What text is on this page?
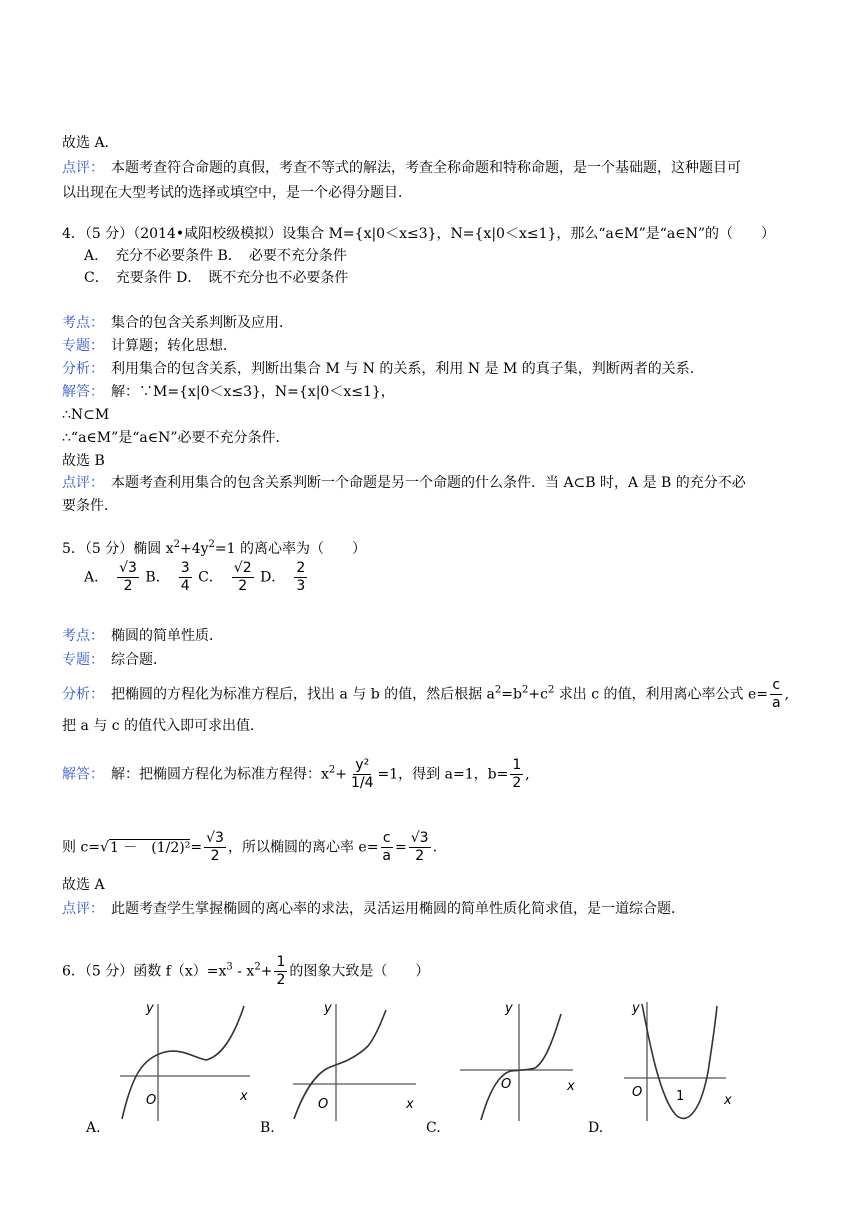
故选 A．
点评：　 本题考查符合命题的真假，考查不等式的解法，考查全称命题和特称命题，是一个基础题，这种题目可
以出现在大型考试的选择或填空中，是一个必得分题目．
4．（5 分）（2014•咸阳校级模拟）设集合 M={x|0＜x≤3}，N={x|0＜x≤1}，那么“a∈M”是“a∈N”的（　　）
A．　充分不必要条件 B．　必要不充分条件
C．　充要条件 D．　既不充分也不必要条件
考点：　 集合的包含关系判断及应用．
专题：　 计算题；转化思想．
分析：　 利用集合的包含关系，判断出集合 M 与 N 的关系，利用 N 是 M 的真子集，判断两者的关系．
解答：　 解：∵M={x|0＜x≤3}，N={x|0＜x≤1}，
∴N⊂M
∴“a∈M”是“a∈N”必要不充分条件．
故选 B
点评：　 本题考查利用集合的包含关系判断一个命题是另一个命题的什么条件．当 A⊂B 时，A 是 B 的充分不必
要条件．
5．（5 分）椭圆 $x^2+4y^2=1$ 的离心率为（　　）
A．　 $\frac{√3}{2}$ B．　 $\frac{3}{4}$ C．　 $\frac{√2}{2}$ D．　 $\frac{2}{3}$
考点：　 椭圆的简单性质．
专题：　 综合题．
分析：　 把椭圆的方程化为标准方程后，找出 a 与 b 的值，然后根据 $a^2=b^2+c^2$ 求出 c 的值，利用离心率公式 $e= \frac{c}{a}$ ,
把 a 与 c 的值代入即可求出值．
解答：　 解：把椭圆方程化为标准方程得：$x^2+ \frac{\text{y²}}{1/4} =1$，得到 a=1，$b= \frac{1}{2}$ ,
则 c=√1 －　$(1/2)^2= \frac{√3}{2}$ ，所以椭圆的离心率 $e= \frac{c}{a} = \frac{√3}{2}$ .
故选 A
点评：　 此题考查学生掌握椭圆的离心率的求法，灵活运用椭圆的简单性质化简求值，是一道综合题．
6．（5 分）函数 $f(x)=x^3 - x^2+ \frac{1}{2}$ 的图象大致是（　　）
y
x
O
A.
y
x
O
B.
y
x
O
C.
y
x
O	1
D.
